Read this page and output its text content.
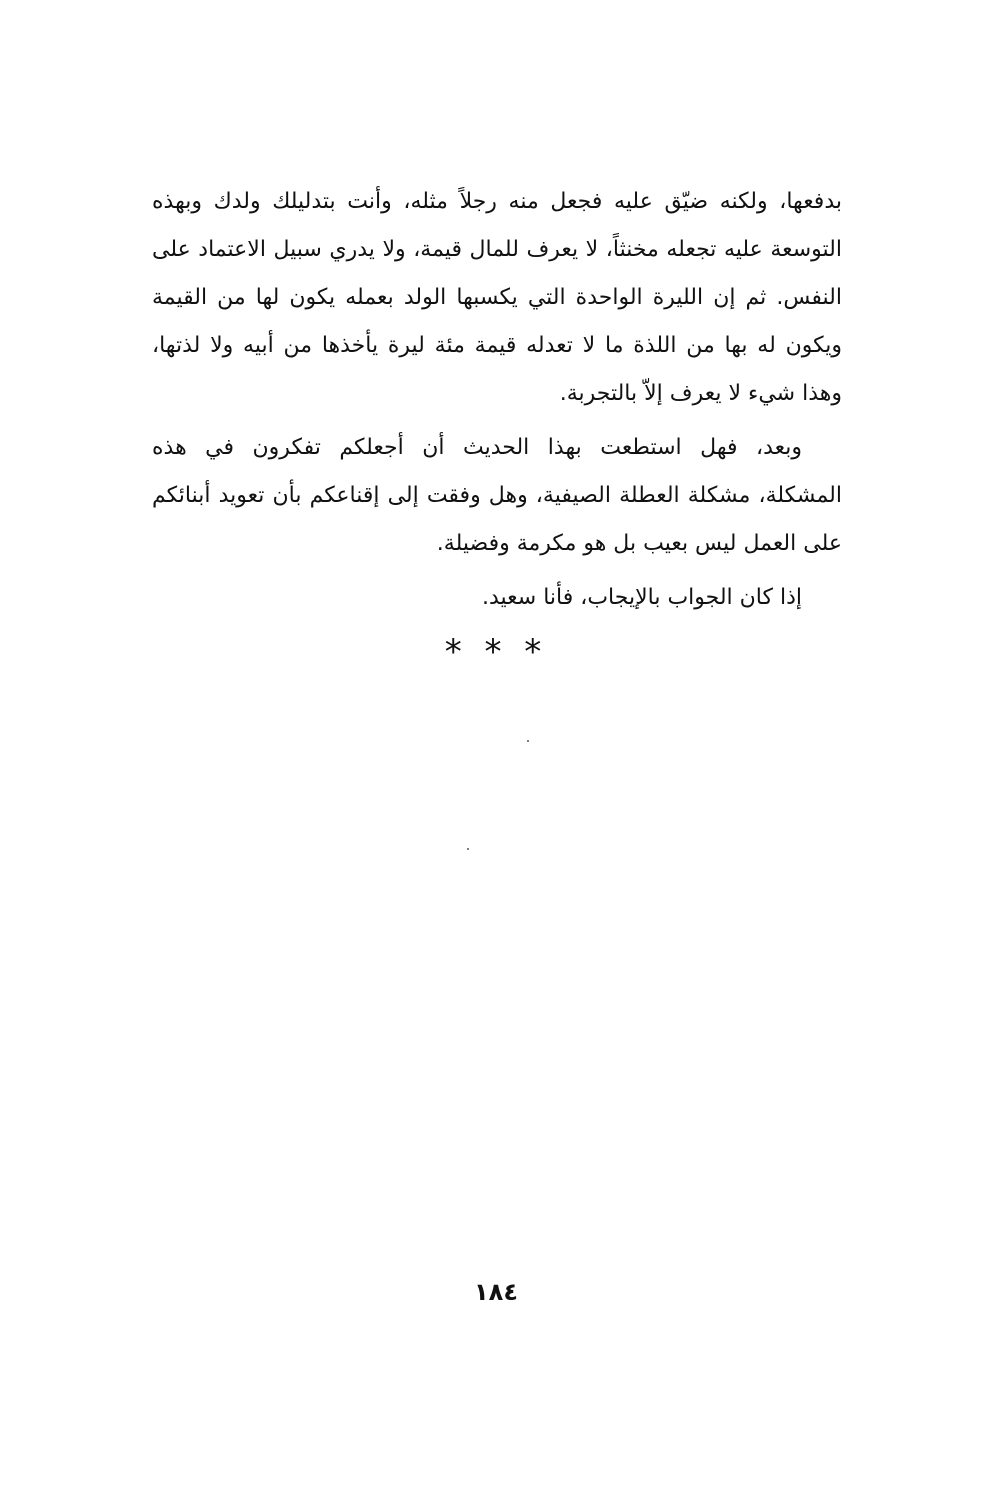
بدفعها، ولكنه ضيّق عليه فجعل منه رجلاً مثله، وأنت بتدليلك ولدك وبهذه
التوسعة عليه تجعله مخنثاً، لا يعرف للمال قيمة، ولا يدري سبيل الاعتماد على
النفس. ثم إن الليرة الواحدة التي يكسبها الولد بعمله يكون لها من القيمة
ويكون له بها من اللذة ما لا تعدله قيمة مئة ليرة يأخذها من أبيه ولا لذتها،
وهذا شيء لا يعرف إلاّ بالتجربة.
وبعد، فهل استطعت بهذا الحديث أن أجعلكم تفكرون في هذه
المشكلة، مشكلة العطلة الصيفية، وهل وفقت إلى إقناعكم بأن تعويد أبنائكم
على العمل ليس بعيب بل هو مكرمة وفضيلة.
إذا كان الجواب بالإيجاب، فأنا سعيد.
* * *
١٨٤
